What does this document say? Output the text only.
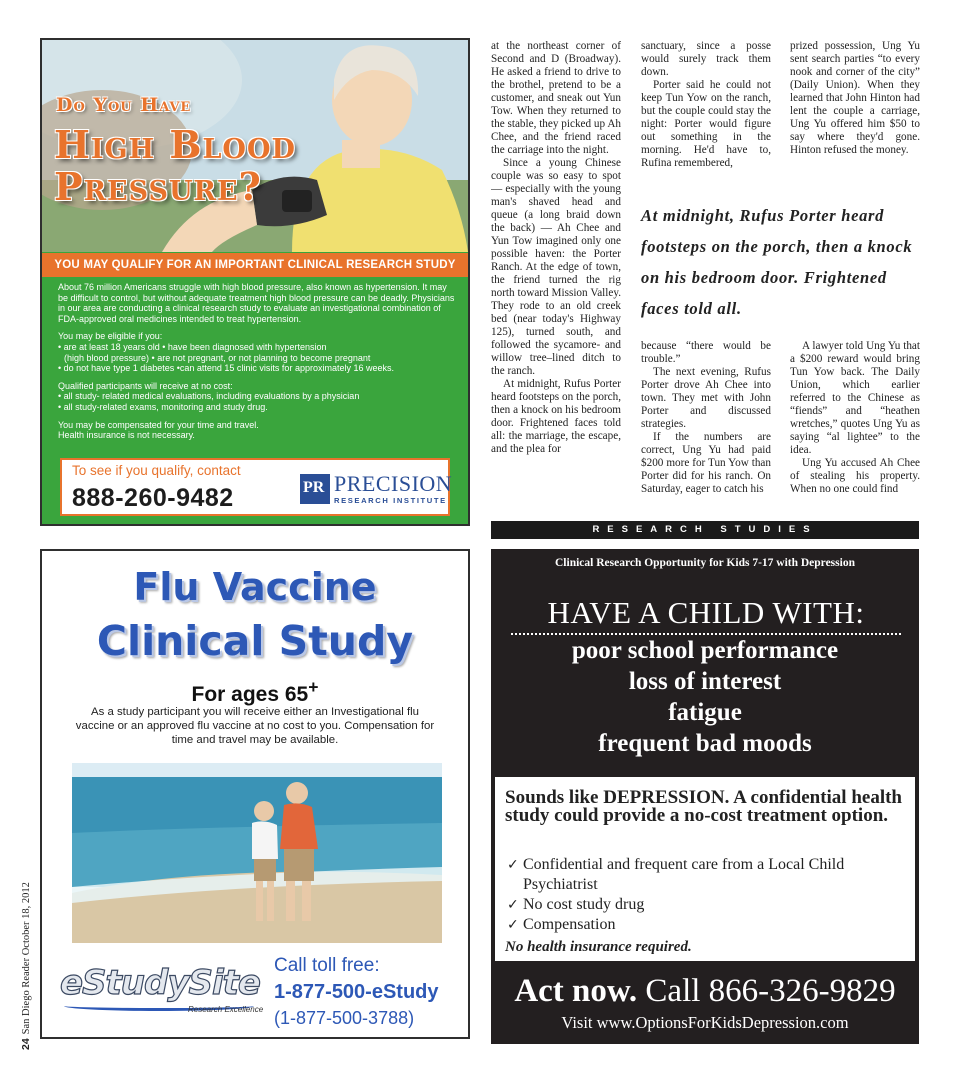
24San Diego Reader October 18, 2012
Do You Have
High Blood Pressure?
YOU MAY QUALIFY FOR AN IMPORTANT CLINICAL RESEARCH STUDY

About 76 million Americans struggle with high blood pressure, also known as hypertension. It may be difficult to control, but without adequate treatment high blood pressure can be deadly. Physicians in our area are conducting a clinical research study to evaluate an investigational combination of FDA-approved oral medicines intended to treat hypertension.

You may be eligible if you:
• are at least 18 years old • have been diagnosed with hypertension
(high blood pressure) • are not pregnant, or not planning to become pregnant
• do not have type 1 diabetes •can attend 15 clinic visits for approximately 16 weeks.

Qualified participants will receive at no cost:
• all study- related medical evaluations, including evaluations by a physician
• all study-related exams, monitoring and study drug.

You may be compensated for your time and travel.
Health insurance is not necessary.

To see if you qualify, contact
888-260-9482	PR PRECISION
RESEARCH INSTITUTE

at the northeast corner of Second and D (Broadway). He asked a friend to drive to the brothel, pretend to be a customer, and sneak out Yun Tow. When they returned to the stable, they picked up Ah Chee, and the friend raced the carriage into the night.

Since a young Chinese couple was so easy to spot — especially with the young man's shaved head and queue (a long braid down the back) — Ah Chee and Yun Tow imagined only one possible haven: the Porter Ranch. At the edge of town, the friend turned the rig north toward Mission Valley. They rode to an old creek bed (near today's Highway 125), turned south, and followed the sycamore- and willow tree–lined ditch to the ranch.

At midnight, Rufus Porter heard footsteps on the porch, then a knock on his bedroom door. Frightened faces told all: the marriage, the escape, and the plea for

sanctuary, since a posse would surely track them down.

Porter said he could not keep Tun Yow on the ranch, but the couple could stay the night: Porter would figure out something in the morning. He'd have to, Rufina remembered,

prized possession, Ung Yu sent search parties “to every nook and corner of the city” (Daily Union). When they learned that John Hinton had lent the couple a carriage, Ung Yu offered him $50 to say where they'd gone. Hinton refused the money.

At midnight, Rufus Porter heard footsteps on the porch, then a knock on his bedroom door. Frightened faces told all.

because “there would be trouble.”

The next evening, Rufus Porter drove Ah Chee into town. They met with John Porter and discussed strategies.

If the numbers are correct, Ung Yu had paid $200 more for Tun Yow than Porter did for his ranch. On Saturday, eager to catch his

A lawyer told Ung Yu that a $200 reward would bring Tun Yow back. The Daily Union, which earlier referred to the Chinese as “fiends” and “heathen wretches,” quotes Ung Yu as saying “al lightee” to the idea.

Ung Yu accused Ah Chee of stealing his property. When no one could find

RESEARCH STUDIES
Flu Vaccine
Clinical Study
For ages 65+
As a study participant you will receive either an Investigational flu vaccine or an approved flu vaccine at no cost to you. Compensation for time and travel may be available.
eStudySite
Research Excellence
Call toll free:
1-877-500-eStudy
(1-877-500-3788)
Clinical Research Opportunity for Kids 7-17 with Depression
HAVE A CHILD WITH:
poor school performance
loss of interest
fatigue
frequent bad moods
Sounds like DEPRESSION. A confidential health study could provide a no-cost treatment option.
✓ Confidential and frequent care from a Local Child Psychiatrist
✓ No cost study drug
✓ Compensation
No health insurance required.
Act now. Call 866-326-9829
Visit www.OptionsForKidsDepression.com
